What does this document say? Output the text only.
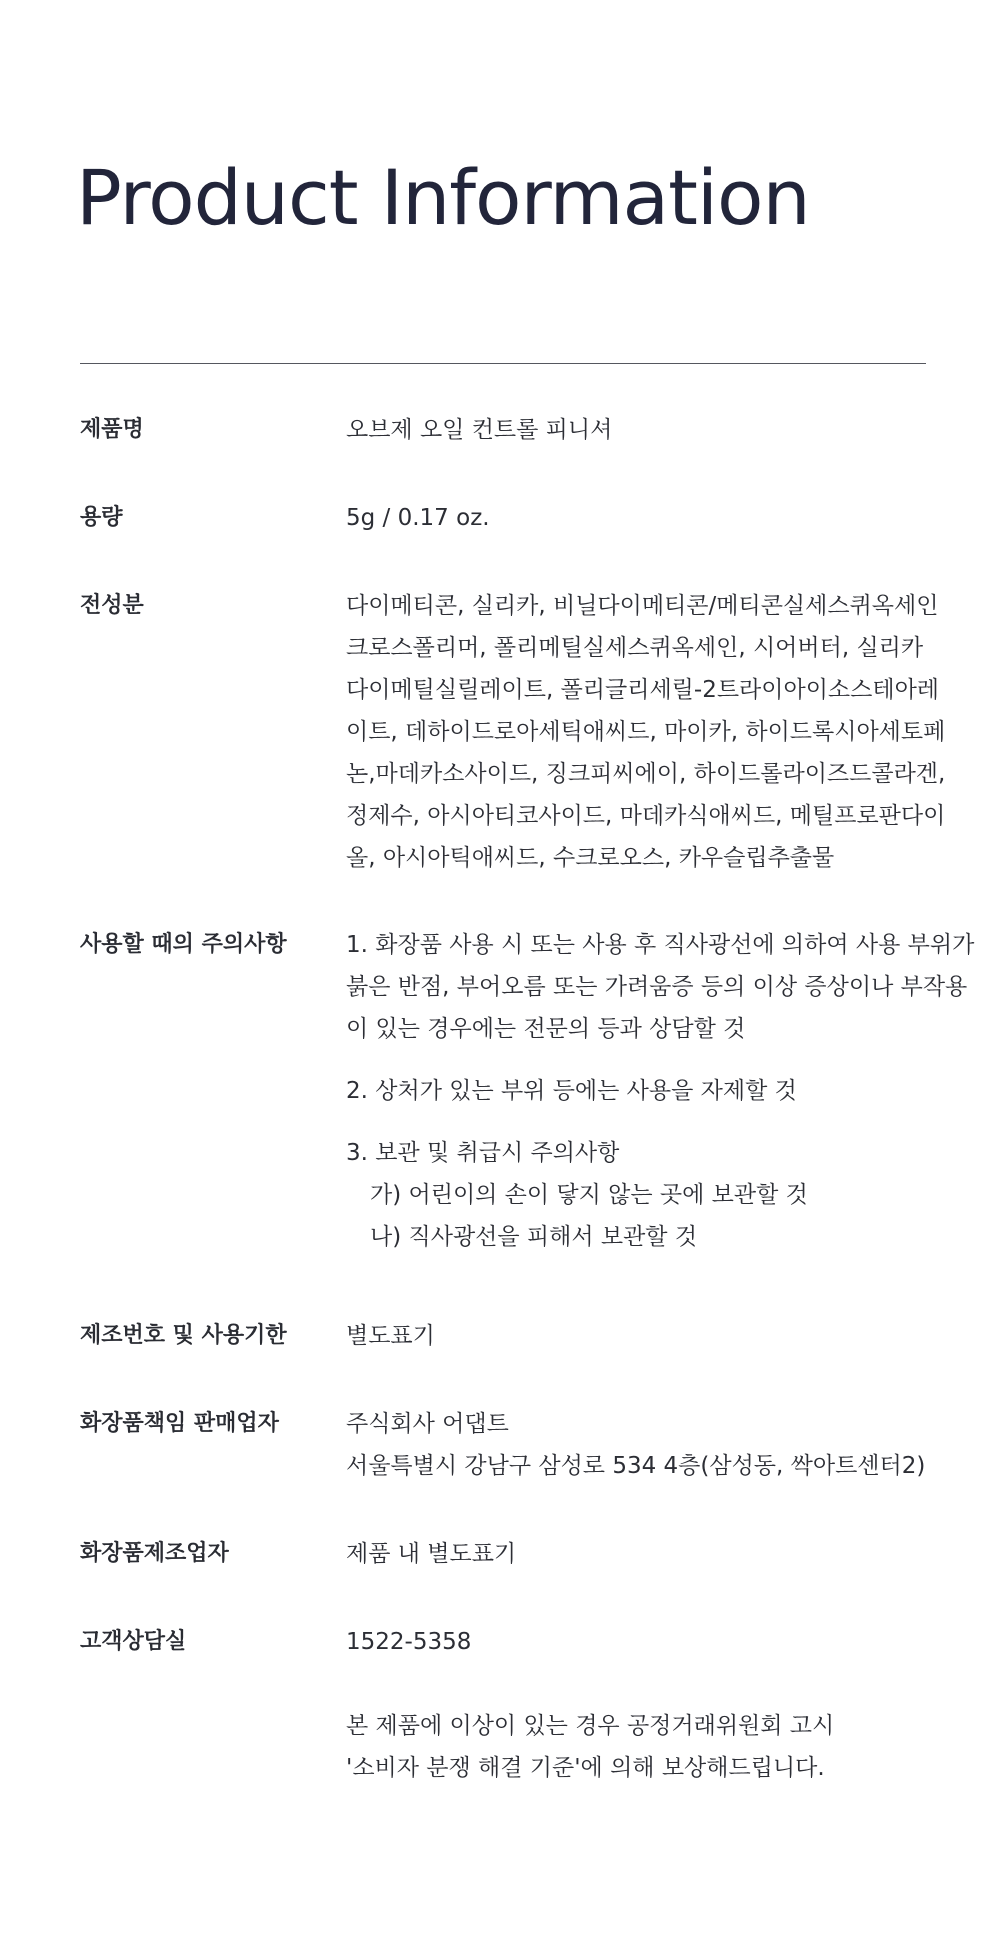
Product Information
제품명	오브제 오일 컨트롤 피니셔
용량	5g / 0.17 oz.
전성분	다이메티콘, 실리카, 비닐다이메티콘/메티콘실세스퀴옥세인
크로스폴리머, 폴리메틸실세스퀴옥세인, 시어버터, 실리카
다이메틸실릴레이트, 폴리글리세릴-2트라이아이소스테아레
이트, 데하이드로아세틱애씨드, 마이카, 하이드록시아세토페
논,마데카소사이드, 징크피씨에이, 하이드롤라이즈드콜라겐,
정제수, 아시아티코사이드, 마데카식애씨드, 메틸프로판다이
올, 아시아틱애씨드, 수크로오스, 카우슬립추출물
사용할 때의 주의사항	1. 화장품 사용 시 또는 사용 후 직사광선에 의하여 사용 부위가
붉은 반점, 부어오름 또는 가려움증 등의 이상 증상이나 부작용
이 있는 경우에는 전문의 등과 상담할 것
2. 상처가 있는 부위 등에는 사용을 자제할 것
3. 보관 및 취급시 주의사항
가) 어린이의 손이 닿지 않는 곳에 보관할 것
나) 직사광선을 피해서 보관할 것
제조번호 및 사용기한	별도표기
화장품책임 판매업자	주식회사 어댑트
서울특별시 강남구 삼성로 534 4층(삼성동, 싹아트센터2)
화장품제조업자	제품 내 별도표기
고객상담실	1522-5358
본 제품에 이상이 있는 경우 공정거래위원회 고시
'소비자 분쟁 해결 기준'에 의해 보상해드립니다.
